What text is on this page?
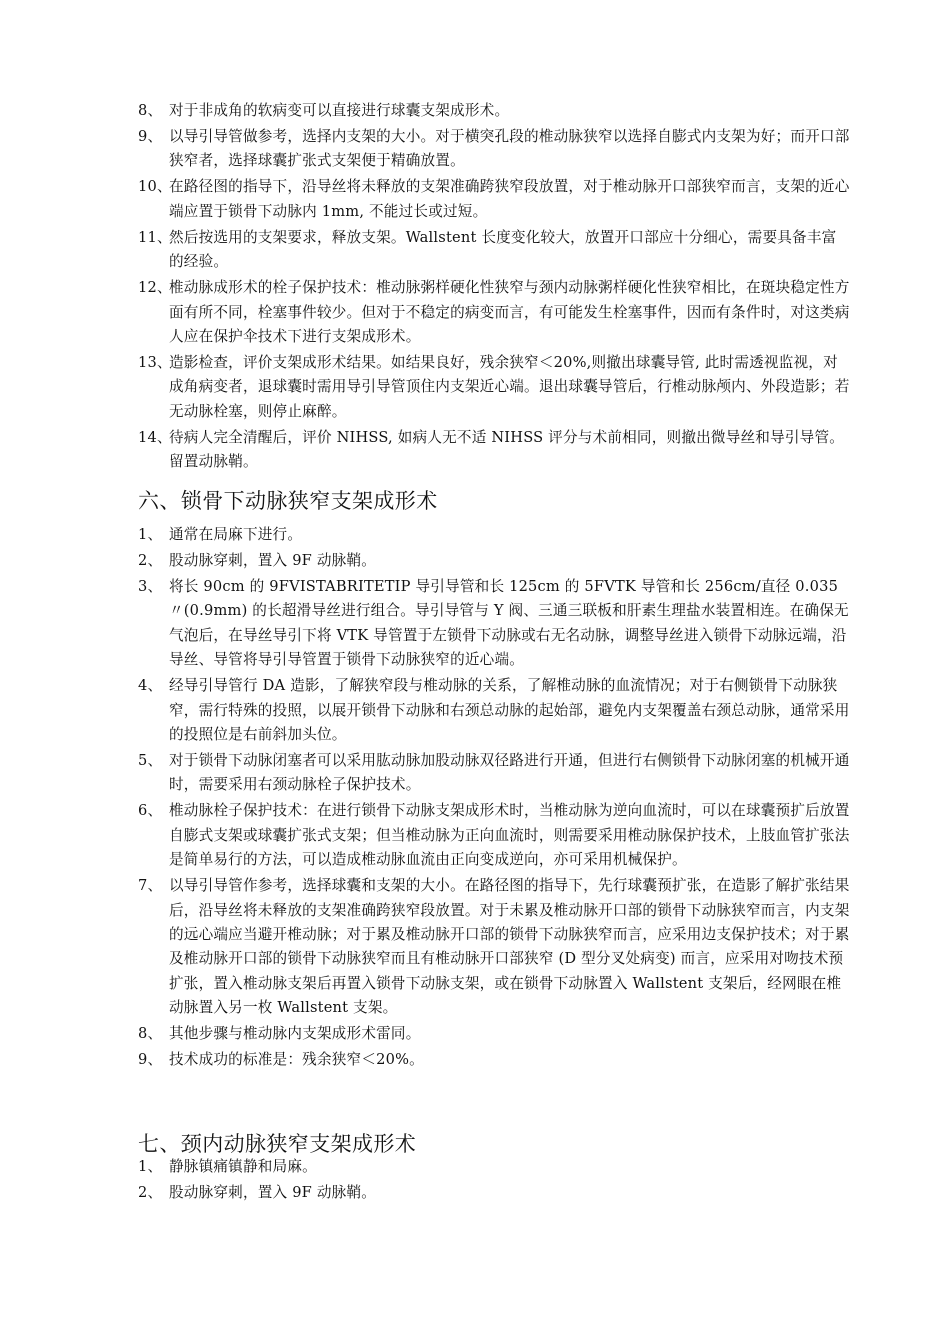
8、 对于非成角的软病变可以直接进行球囊支架成形术。
9、 以导引导管做参考，选择内支架的大小。对于横突孔段的椎动脉狭窄以选择自膨式内支架为好；而开口部狭窄者，选择球囊扩张式支架便于精确放置。
10、
在路径图的指导下，沿导丝将未释放的支架准确跨狭窄段放置，对于椎动脉开口部狭窄而言，支架的近心端应置于锁骨下动脉内 1mm, 不能过长或过短。
11、
然后按选用的支架要求，释放支架。Wallstent 长度变化较大，放置开口部应十分细心，需要具备丰富的经验。
12、
椎动脉成形术的栓子保护技术：椎动脉粥样硬化性狭窄与颈内动脉粥样硬化性狭窄相比，在斑块稳定性方面有所不同，栓塞事件较少。但对于不稳定的病变而言，有可能发生栓塞事件，因而有条件时，对这类病人应在保护伞技术下进行支架成形术。
13、
造影检查，评价支架成形术结果。如结果良好，残余狭窄＜20%,则撤出球囊导管, 此时需透视监视，对成角病变者，退球囊时需用导引导管顶住内支架近心端。退出球囊导管后，行椎动脉颅内、外段造影；若无动脉栓塞，则停止麻醉。
14、
待病人完全清醒后，评价 NIHSS, 如病人无不适 NIHSS 评分与术前相同，则撤出微导丝和导引导管。留置动脉鞘。
六、锁骨下动脉狭窄支架成形术
1、 通常在局麻下进行。
2、 股动脉穿刺，置入 9F 动脉鞘。
3、 将长 90cm 的 9FVISTABRITETIP 导引导管和长 125cm 的 5FVTK 导管和长 256cm/直径 0.035〃(0.9mm) 的长超滑导丝进行组合。导引导管与 Y 阀、三通三联板和肝素生理盐水装置相连。在确保无气泡后，在导丝导引下将 VTK 导管置于左锁骨下动脉或右无名动脉，调整导丝进入锁骨下动脉远端，沿导丝、导管将导引导管置于锁骨下动脉狭窄的近心端。
4、 经导引导管行 DA 造影，了解狭窄段与椎动脉的关系，了解椎动脉的血流情况；对于右侧锁骨下动脉狭窄，需行特殊的投照，以展开锁骨下动脉和右颈总动脉的起始部，避免内支架覆盖右颈总动脉，通常采用的投照位是右前斜加头位。
5、 对于锁骨下动脉闭塞者可以采用肱动脉加股动脉双径路进行开通，但进行右侧锁骨下动脉闭塞的机械开通时，需要采用右颈动脉栓子保护技术。
6、 椎动脉栓子保护技术：在进行锁骨下动脉支架成形术时，当椎动脉为逆向血流时，可以在球囊预扩后放置自膨式支架或球囊扩张式支架；但当椎动脉为正向血流时，则需要采用椎动脉保护技术，上肢血管扩张法是简单易行的方法，可以造成椎动脉血流由正向变成逆向，亦可采用机械保护。
7、 以导引导管作参考，选择球囊和支架的大小。在路径图的指导下，先行球囊预扩张，在造影了解扩张结果后，沿导丝将未释放的支架准确跨狭窄段放置。对于未累及椎动脉开口部的锁骨下动脉狭窄而言，内支架的远心端应当避开椎动脉；对于累及椎动脉开口部的锁骨下动脉狭窄而言，应采用边支保护技术；对于累及椎动脉开口部的锁骨下动脉狭窄而且有椎动脉开口部狭窄 (D 型分叉处病变) 而言，应采用对吻技术预扩张，置入椎动脉支架后再置入锁骨下动脉支架，或在锁骨下动脉置入 Wallstent 支架后，经网眼在椎动脉置入另一枚 Wallstent 支架。
8、 其他步骤与椎动脉内支架成形术雷同。
9、 技术成功的标准是：残余狭窄＜20%。
七、颈内动脉狭窄支架成形术
1、 静脉镇痛镇静和局麻。
2、 股动脉穿刺，置入 9F 动脉鞘。
